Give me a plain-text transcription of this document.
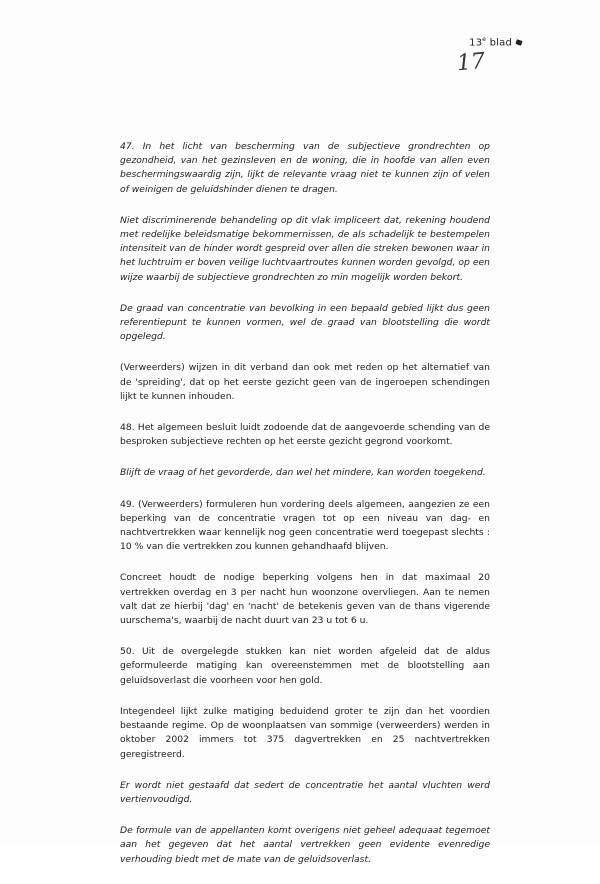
13e blad
17

47. In het licht van bescherming van de subjectieve grondrechten op gezondheid, van het gezinsleven en de woning, die in hoofde van allen even beschermingswaardig zijn, lijkt de relevante vraag niet te kunnen zijn of velen of weinigen de geluidshinder dienen te dragen.

Niet discriminerende behandeling op dit vlak impliceert dat, rekening houdend met redelijke beleidsmatige bekommernissen, de als schadelijk te bestempelen intensiteit van de hinder wordt gespreid over allen die streken bewonen waar in het luchtruim er boven veilige luchtvaartroutes kunnen worden gevolgd, op een wijze waarbij de subjectieve grondrechten zo min mogelijk worden bekort.

De graad van concentratie van bevolking in een bepaald gebied lijkt dus geen referentiepunt te kunnen vormen, wel de graad van blootstelling die wordt opgelegd.

(Verweerders) wijzen in dit verband dan ook met reden op het alternatief van de 'spreiding', dat op het eerste gezicht geen van de ingeroepen schendingen lijkt te kunnen inhouden.

48. Het algemeen besluit luidt zodoende dat de aangevoerde schending van de besproken subjectieve rechten op het eerste gezicht gegrond voorkomt.

Blijft de vraag of het gevorderde, dan wel het mindere, kan worden toegekend.

49. (Verweerders) formuleren hun vordering deels algemeen, aangezien ze een beperking van de concentratie vragen tot op een niveau van dag- en nachtvertrekken waar kennelijk nog geen concentratie werd toegepast slechts : 10 % van die vertrekken zou kunnen gehandhaafd blijven.

Concreet houdt de nodige beperking volgens hen in dat maximaal 20 vertrekken overdag en 3 per nacht hun woonzone overvliegen. Aan te nemen valt dat ze hierbij 'dag' en 'nacht' de betekenis geven van de thans vigerende uurschema's, waarbij de nacht duurt van 23 u tot 6 u.

50. Uit de overgelegde stukken kan niet worden afgeleid dat de aldus geformuleerde matiging kan overeenstemmen met de blootstelling aan geluidsoverlast die voorheen voor hen gold.

Integendeel lijkt zulke matiging beduidend groter te zijn dan het voordien bestaande regime. Op de woonplaatsen van sommige (verweerders) werden in oktober 2002 immers tot 375 dagvertrekken en 25 nachtvertrekken geregistreerd.

Er wordt niet gestaafd dat sedert de concentratie het aantal vluchten werd vertienvoudigd.

De formule van de appellanten komt overigens niet geheel adequaat tegemoet aan het gegeven dat het aantal vertrekken geen evidente evenredige verhouding biedt met de mate van de geluidsoverlast.
